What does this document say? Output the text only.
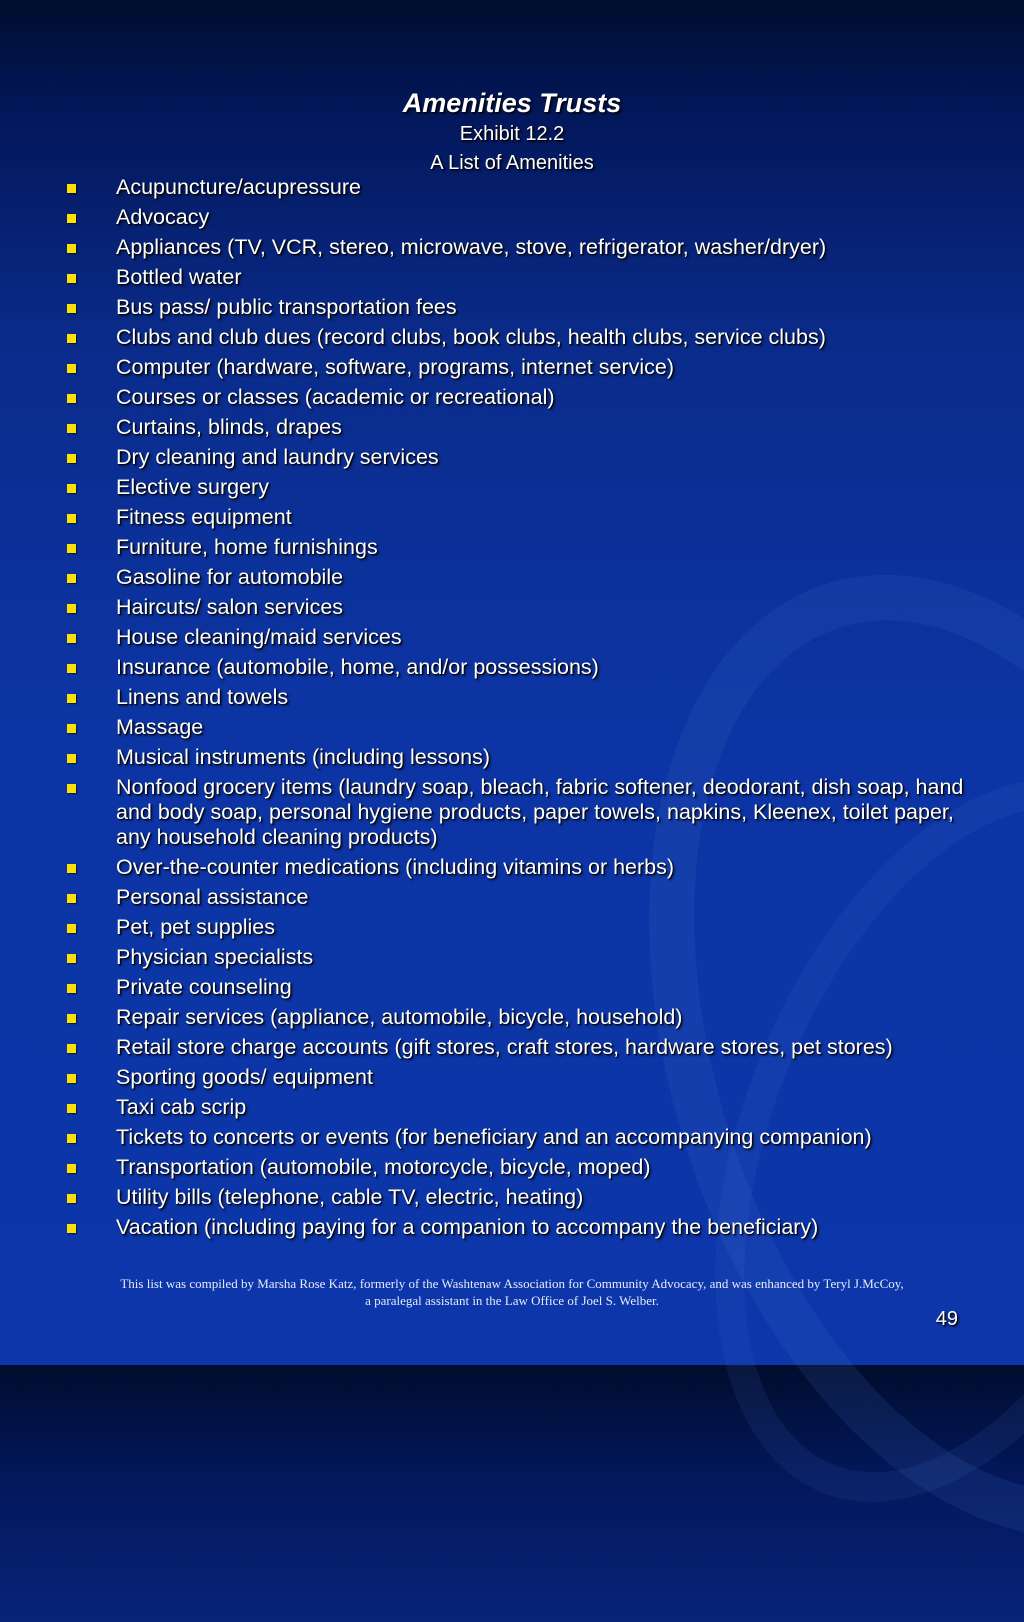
Amenities Trusts
Exhibit 12.2
A List of Amenities
Acupuncture/acupressure
Advocacy
Appliances (TV, VCR, stereo, microwave, stove, refrigerator, washer/dryer)
Bottled water
Bus pass/ public transportation fees
Clubs and club dues (record clubs, book clubs, health clubs, service clubs)
Computer (hardware, software, programs, internet service)
Courses or classes (academic or recreational)
Curtains, blinds, drapes
Dry cleaning and laundry services
Elective surgery
Fitness equipment
Furniture, home furnishings
Gasoline for automobile
Haircuts/ salon services
House cleaning/maid services
Insurance (automobile, home, and/or possessions)
Linens and towels
Massage
Musical instruments (including lessons)
Nonfood grocery items (laundry soap, bleach, fabric softener, deodorant, dish soap, hand and body soap, personal hygiene products, paper towels, napkins, Kleenex, toilet paper, any household cleaning products)
Over-the-counter medications (including vitamins or herbs)
Personal assistance
Pet, pet supplies
Physician specialists
Private counseling
Repair services (appliance, automobile, bicycle, household)
Retail store charge accounts (gift stores, craft stores, hardware stores, pet stores)
Sporting goods/ equipment
Taxi cab scrip
Tickets to concerts or events (for beneficiary and an accompanying companion)
Transportation (automobile, motorcycle, bicycle, moped)
Utility bills (telephone, cable TV, electric, heating)
Vacation (including paying for a companion to accompany the beneficiary)
This list was compiled by Marsha Rose Katz, formerly of the Washtenaw Association for Community Advocacy, and was enhanced by Teryl J.McCoy,
a paralegal assistant in the Law Office of Joel S. Welber.
49
